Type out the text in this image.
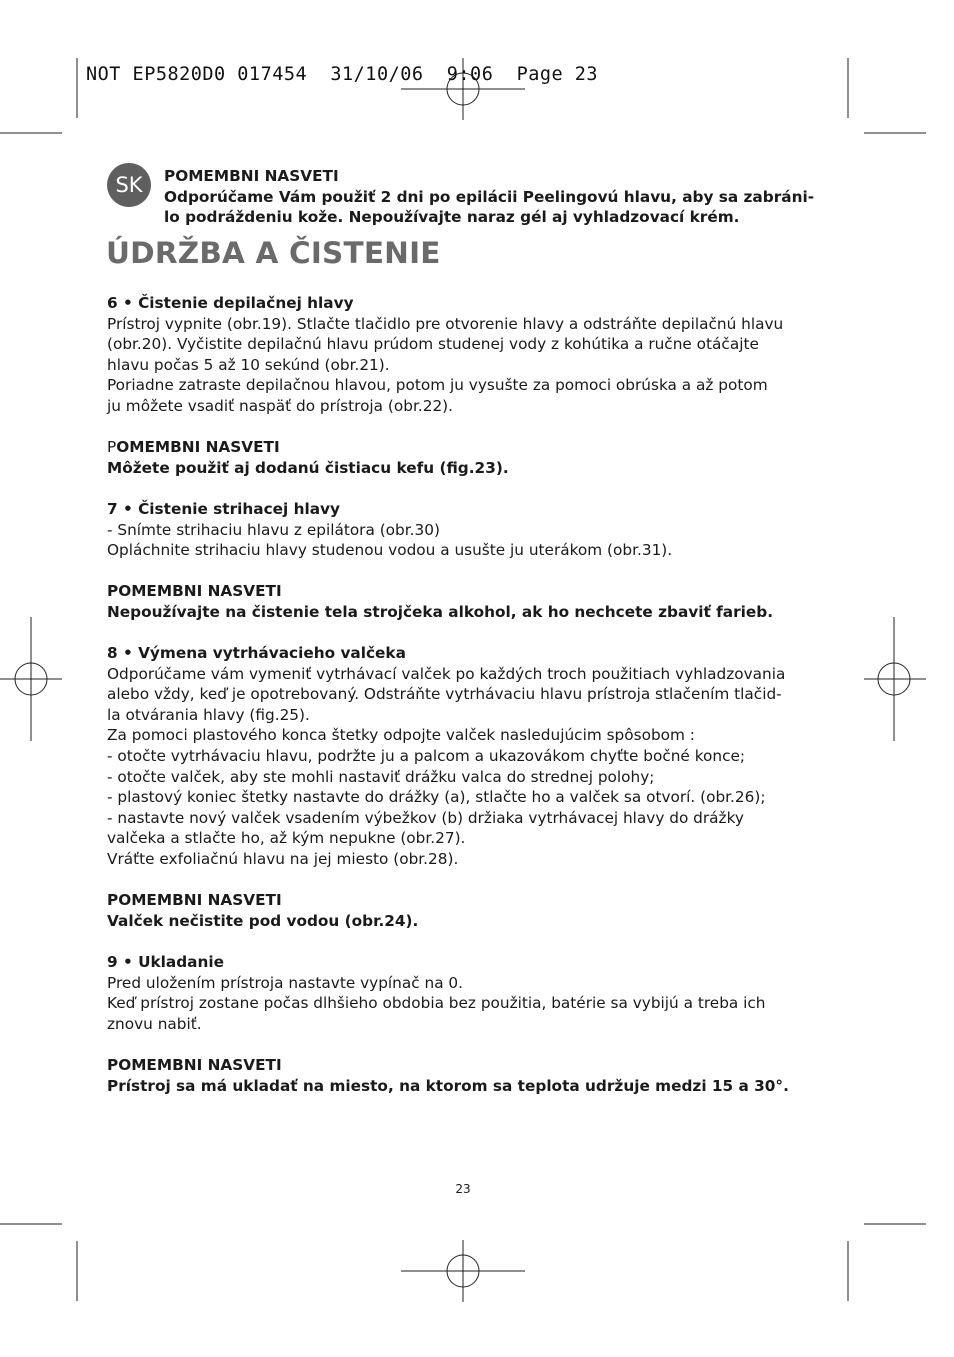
NOT EP5820D0 017454  31/10/06  9:06  Page 23
SK	POMEMBNI NASVETI
Odporúčame Vám použiť 2 dni po epilácii Peelingovú hlavu, aby sa zabráni-
lo podráždeniu kože. Nepoužívajte naraz gél aj vyhladzovací krém.
ÚDRŽBA A ČISTENIE

6 • Čistenie depilačnej hlavy

Prístroj vypnite (obr.19). Stlačte tlačidlo pre otvorenie hlavy a odstráňte depilačnú hlavu

(obr.20). Vyčistite depilačnú hlavu prúdom studenej vody z kohútika a ručne otáčajte

hlavu počas 5 až 10 sekúnd (obr.21).

Poriadne zatraste depilačnou hlavou, potom ju vysušte za pomoci obrúska a až potom

ju môžete vsadiť naspäť do prístroja (obr.22).

POMEMBNI NASVETI

Môžete použiť aj dodanú čistiacu kefu (fig.23).

7 • Čistenie strihacej hlavy

- Snímte strihaciu hlavu z epilátora (obr.30)

Opláchnite strihaciu hlavy studenou vodou a usušte ju uterákom (obr.31).

POMEMBNI NASVETI

Nepoužívajte na čistenie tela strojčeka alkohol, ak ho nechcete zbaviť farieb.

8 • Výmena vytrhávacieho valčeka

Odporúčame vám vymeniť vytrhávací valček po každých troch použitiach vyhladzovania

alebo vždy, keď je opotrebovaný. Odstráňte vytrhávaciu hlavu prístroja stlačením tlačid-

la otvárania hlavy (fig.25).

Za pomoci plastového konca štetky odpojte valček nasledujúcim spôsobom :

- otočte vytrhávaciu hlavu, podržte ju a palcom a ukazovákom chyťte bočné konce;

- otočte valček, aby ste mohli nastaviť drážku valca do strednej polohy;

- plastový koniec štetky nastavte do drážky (a), stlačte ho a valček sa otvorí. (obr.26);

- nastavte nový valček vsadením výbežkov (b) držiaka vytrhávacej hlavy do drážky

valčeka a stlačte ho, až kým nepukne (obr.27).

Vráťte exfoliačnú hlavu na jej miesto (obr.28).

POMEMBNI NASVETI

Valček nečistite pod vodou (obr.24).

9 • Ukladanie

Pred uložením prístroja nastavte vypínač na 0.

Keď prístroj zostane počas dlhšieho obdobia bez použitia, batérie sa vybijú a treba ich

znovu nabiť.

POMEMBNI NASVETI

Prístroj sa má ukladať na miesto, na ktorom sa teplota udržuje medzi 15 a 30°.

23
